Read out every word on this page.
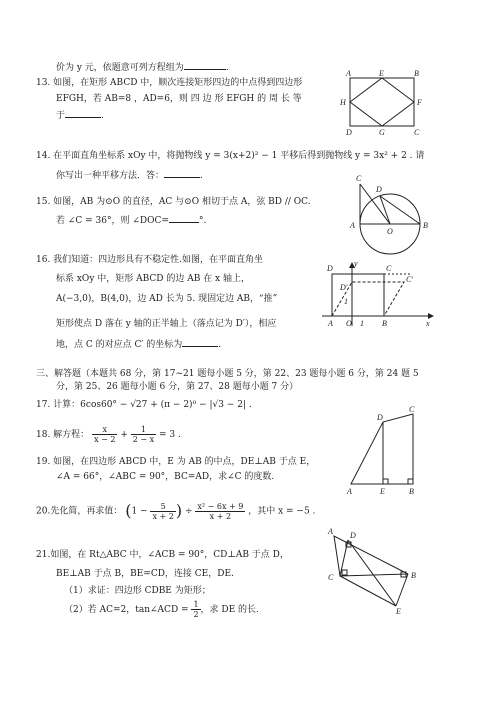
价为 y 元，依题意可列方程组为	.
13. 如图，在矩形 ABCD 中，顺次连接矩形四边的中点得到四边形
EFGH，若 AB=8 ，AD=6，则 四 边 形 EFGH 的 周 长 等
于	.
A	E	B
H	F
D	G	C
14. 在平面直角坐标系 xOy 中，将抛物线 y = 3(x+2)² − 1 平移后得到抛物线 y = 3x² + 2 . 请
你写出一种平移方法．答：	.
15. 如图，AB 为⊙O 的直径，AC 与⊙O 相切于点 A，弦 BD // OC.
若 ∠C = 36°，则 ∠DOC=	°.
C
D
A
O
B
16. 我们知道：四边形具有不稳定性.如图，在平面直角坐
标系 xOy 中，矩形 ABCD 的边 AB 在 x 轴上，
A(−3,0)，B(4,0)，边 AD 长为 5. 现固定边 AB，“推”
矩形使点 D 落在 y 轴的正半轴上（落点记为 D′），相应
地，点 C 的对应点 C′ 的坐标为	.
y
D	C
C′
D′
1
A O 1 B	x
三、解答题（本题共 68 分，第 17~21 题每小题 5 分，第 22、23 题每小题 6 分，第 24 题 5
分，第 25、26 题每小题 6 分，第 27、28 题每小题 7 分）
17. 计算：6cos60° − √27 + (π − 2)⁰ − |√3 − 2| .
18. 解方程： $\frac{x}{x - 2} + \frac{1}{2 - x} = 3$ .
19. 如图，在四边形 ABCD 中，E 为 AB 的中点，DE⊥AB 于点 E，
∠A = 66°，∠ABC = 90°，BC=AD，求∠C 的度数.
D
C
A	E	B
20.先化简，再求值： ($1 - \frac{5}{x + 2}$ ) ÷ $\frac{\text{x² − 6x + 9}}{x + 2}$ ，其中 x = −5 .
21.如图，在 Rt△ABC 中，∠ACB = 90°，CD⊥AB 于点 D，
BE⊥AB 于点 B，BE=CD，连接 CE，DE.
（1）求证：四边形 CDBE 为矩形；
（2）若 AC=2，tan∠ACD = $\frac{1}{2}$ ，求 DE 的长.
A D
C	B
E
